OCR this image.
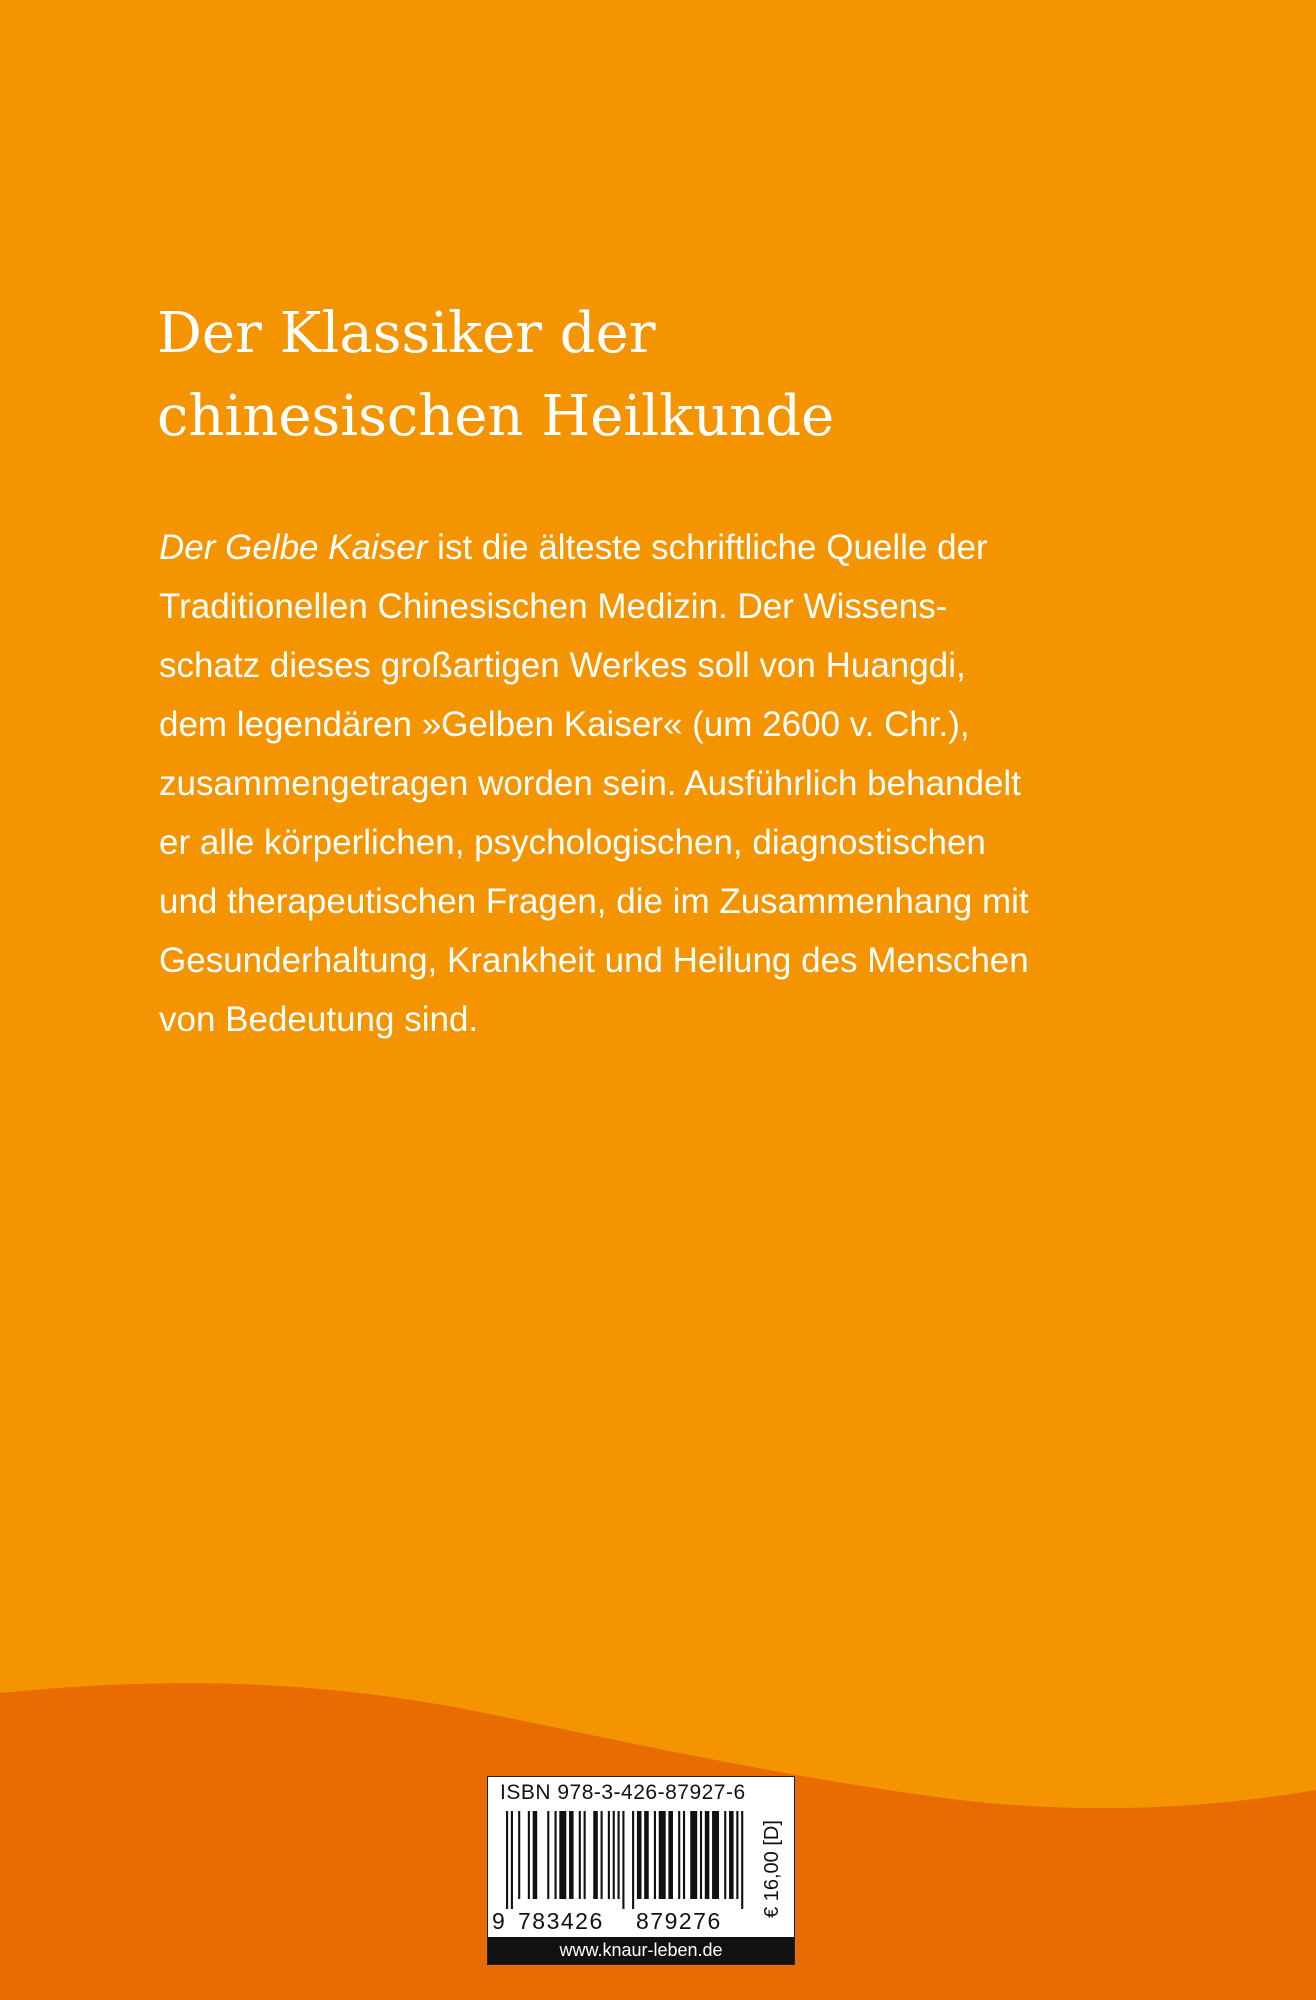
Der Klassiker der
chinesischen Heilkunde
Der Gelbe Kaiser ist die älteste schriftliche Quelle der
Traditionellen Chinesischen Medizin. Der Wissens-
schatz dieses großartigen Werkes soll von Huangdi,
dem legendären »Gelben Kaiser« (um 2600 v. Chr.),
zusammengetragen worden sein. Ausführlich behandelt
er alle körperlichen, psychologischen, diagnostischen
und therapeutischen Fragen, die im Zusammenhang mit
Gesunderhaltung, Krankheit und Heilung des Menschen
von Bedeutung sind.
ISBN 978-3-426-87927-6
9 783426 879276
€ 16,00 [D]
www.knaur-leben.de
